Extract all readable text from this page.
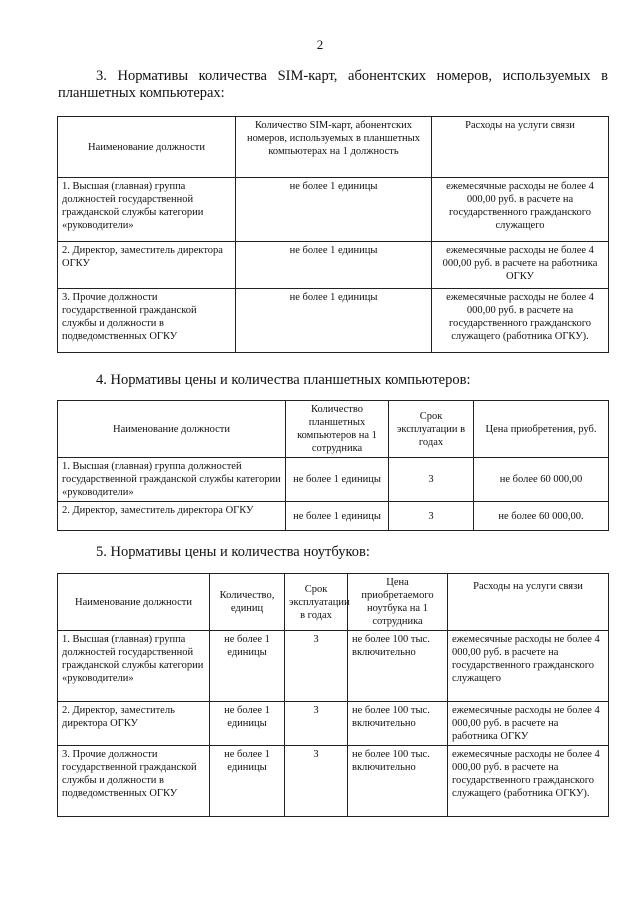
2
3. Нормативы количества SIM-карт, абонентских номеров, используемых в
планшетных компьютерах:
Наименование должности	Количество SIM-карт, абонентских номеров, используемых в планшетных компьютерах на 1 должность	Расходы на услуги связи
1. Высшая (главная) группа должностей государственной гражданской службы категории «руководители»	не более 1 единицы	ежемесячные расходы не более 4 000,00 руб. в расчете на государственного гражданского служащего
2. Директор, заместитель директора ОГКУ	не более 1 единицы	ежемесячные расходы не более 4 000,00 руб. в расчете на работника ОГКУ
3. Прочие должности государственной гражданской службы и должности в подведомственных ОГКУ	не более 1 единицы	ежемесячные расходы не более 4 000,00 руб. в расчете на государственного гражданского служащего (работника ОГКУ).
4. Нормативы цены и количества планшетных компьютеров:
Наименование должности	Количество планшетных компьютеров на 1 сотрудника	Срок эксплуатации в годах	Цена приобретения, руб.
1. Высшая (главная) группа должностей государственной гражданской службы категории «руководители»	не более 1 единицы	3	не более 60 000,00
2. Директор, заместитель директора ОГКУ	не более 1 единицы	3	не более 60 000,00.
5. Нормативы цены и количества ноутбуков:
Наименование должности	Количество, единиц	Срок эксплуатации в годах	Цена приобретаемого ноутбука на 1 сотрудника	Расходы на услуги связи
1. Высшая (главная) группа должностей государственной гражданской службы категории «руководители»	не более 1 единицы	3	не более 100 тыс. включительно	ежемесячные расходы не более 4 000,00 руб. в расчете на государственного гражданского служащего
2. Директор, заместитель директора ОГКУ	не более 1 единицы	3	не более 100 тыс. включительно	ежемесячные расходы не более 4 000,00 руб. в расчете на работника ОГКУ
3. Прочие должности государственной гражданской службы и должности в подведомственных ОГКУ	не более 1 единицы	3	не более 100 тыс. включительно	ежемесячные расходы не более 4 000,00 руб. в расчете на государственного гражданского служащего (работника ОГКУ).
